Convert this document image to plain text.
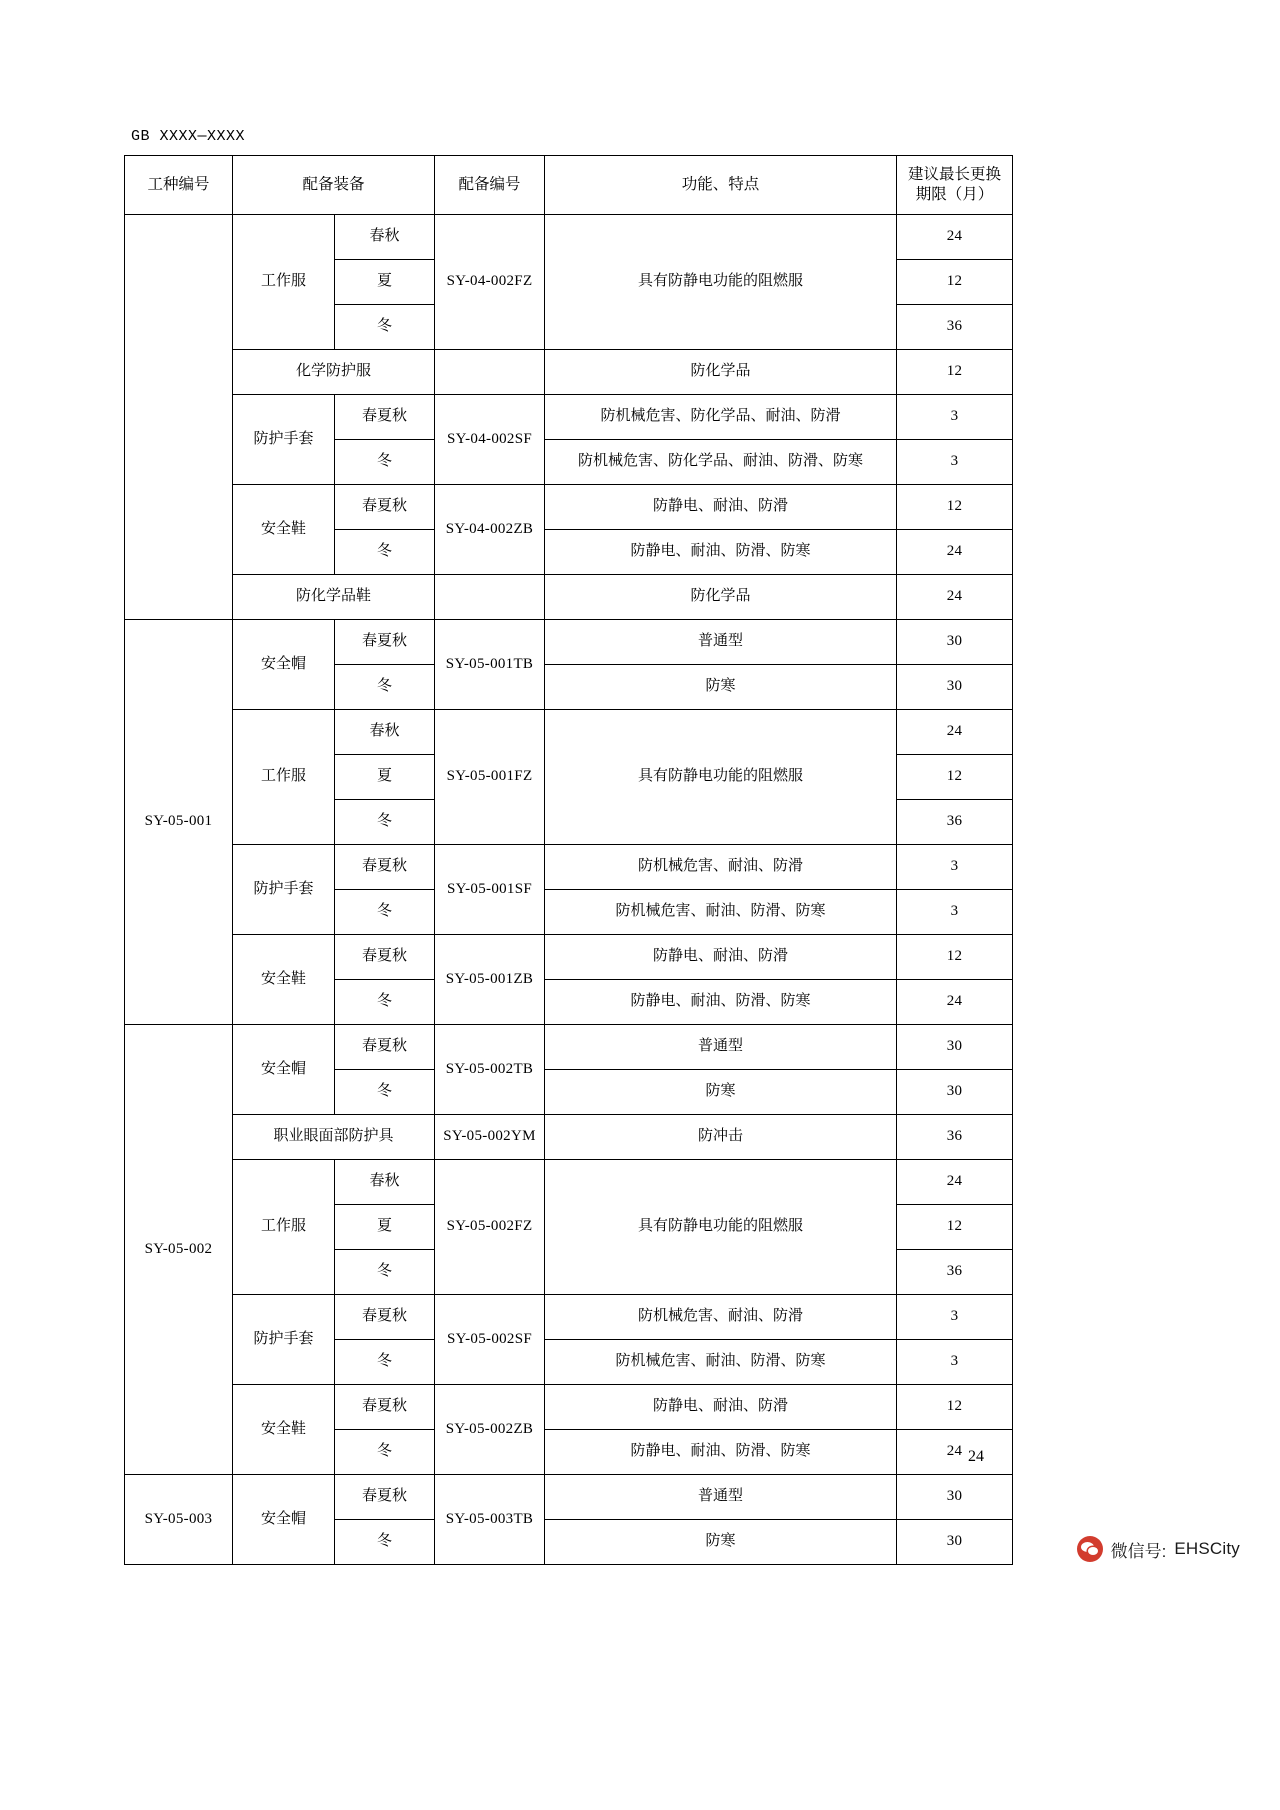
GB XXXX—XXXX
工种编号	配备装备		配备编号	功能、特点	建议最长更换期限（月）
	工作服	春秋	SY-04-002FZ	具有防静电功能的阻燃服	24
		夏			12
		冬			36
	化学防护服			防化学品	12
	防护手套	春夏秋	SY-04-002SF	防机械危害、防化学品、耐油、防滑	3
		冬		防机械危害、防化学品、耐油、防滑、防寒	3
	安全鞋	春夏秋	SY-04-002ZB	防静电、耐油、防滑	12
		冬		防静电、耐油、防滑、防寒	24
	防化学品鞋			防化学品	24
SY-05-001	安全帽	春夏秋	SY-05-001TB	普通型	30
		冬		防寒	30
	工作服	春秋	SY-05-001FZ	具有防静电功能的阻燃服	24
		夏			12
		冬			36
	防护手套	春夏秋	SY-05-001SF	防机械危害、耐油、防滑	3
		冬		防机械危害、耐油、防滑、防寒	3
	安全鞋	春夏秋	SY-05-001ZB	防静电、耐油、防滑	12
		冬		防静电、耐油、防滑、防寒	24
SY-05-002	安全帽	春夏秋	SY-05-002TB	普通型	30
		冬		防寒	30
	职业眼面部防护具		SY-05-002YM	防冲击	36
	工作服	春秋	SY-05-002FZ	具有防静电功能的阻燃服	24
		夏			12
		冬			36
	防护手套	春夏秋	SY-05-002SF	防机械危害、耐油、防滑	3
		冬		防机械危害、耐油、防滑、防寒	3
	安全鞋	春夏秋	SY-05-002ZB	防静电、耐油、防滑	12
		冬		防静电、耐油、防滑、防寒	24
SY-05-003	安全帽	春夏秋	SY-05-003TB	普通型	30
		冬		防寒	30
24
微信号: EHSCity
